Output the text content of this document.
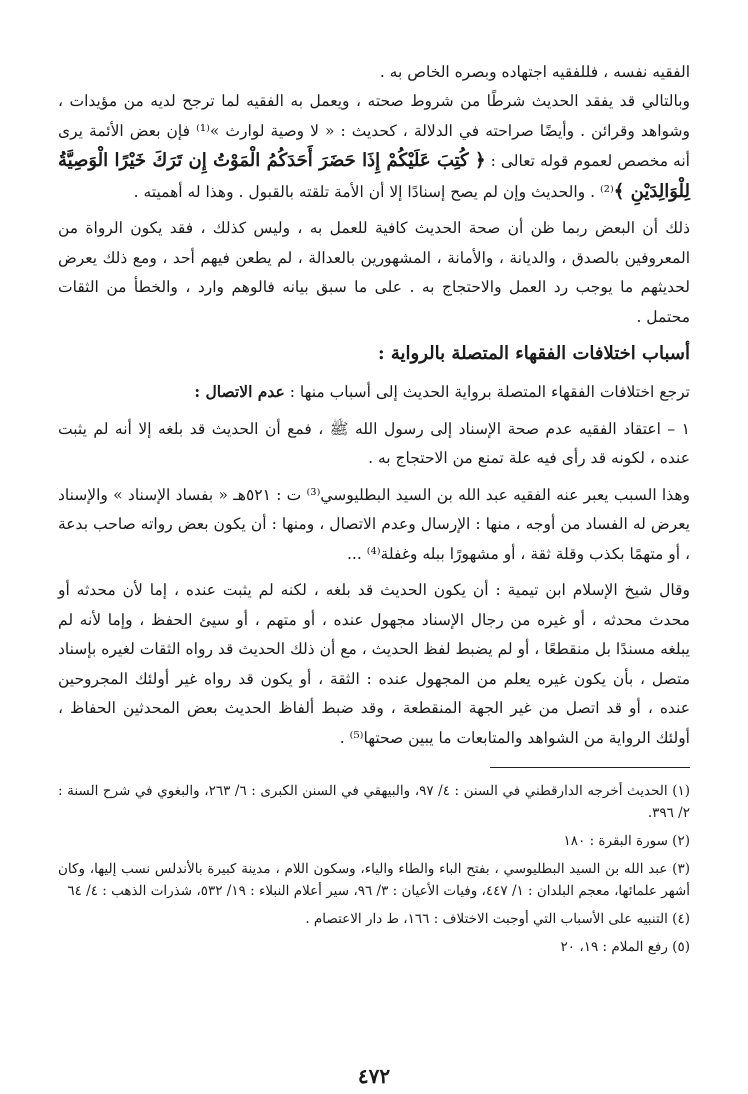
الفقيه نفسه ، فللفقيه اجتهاده وبصره الخاص به .

وبالتالي قد يفقد الحديث شرطًا من شروط صحته ، ويعمل به الفقيه لما ترجح لديه من مؤيدات ، وشواهد وقرائن . وأيضًا صراحته في الدلالة ، كحديث : « لا وصية لوارث »⁽¹⁾ فإن بعض الأئمة يرى أنه مخصص لعموم قوله تعالى : ﴿ كُتِبَ عَلَيْكُمْ إِذَا حَضَرَ أَحَدَكُمُ الْمَوْتُ إِن تَرَكَ خَيْرًا الْوَصِيَّةُ لِلْوَالِدَيْنِ ﴾⁽²⁾ . والحديث وإن لم يصح إسنادًا إلا أن الأمة تلقته بالقبول . وهذا له أهميته .

ذلك أن البعض ربما ظن أن صحة الحديث كافية للعمل به ، وليس كذلك ، فقد يكون الرواة من المعروفين بالصدق ، والديانة ، والأمانة ، المشهورين بالعدالة ، لم يطعن فيهم أحد ، ومع ذلك يعرض لحديثهم ما يوجب رد العمل والاحتجاج به . على ما سبق بيانه فالوهم وارد ، والخطأ من الثقات محتمل .

أسباب اختلافات الفقهاء المتصلة بالرواية :

ترجع اختلافات الفقهاء المتصلة برواية الحديث إلى أسباب منها : عدم الاتصال :

١ – اعتقاد الفقيه عدم صحة الإسناد إلى رسول الله ﷺ ، فمع أن الحديث قد بلغه إلا أنه لم يثبت عنده ، لكونه قد رأى فيه علة تمنع من الاحتجاج به .

وهذا السبب يعبر عنه الفقيه عبد الله بن السيد البطليوسي⁽³⁾ ت : ٥٢١هـ « بفساد الإسناد » والإسناد يعرض له الفساد من أوجه ، منها : الإرسال وعدم الاتصال ، ومنها : أن يكون بعض رواته صاحب بدعة ، أو متهمًا بكذب وقلة ثقة ، أو مشهورًا ببله وغفلة⁽⁴⁾ ...

وقال شيخ الإسلام ابن تيمية : أن يكون الحديث قد بلغه ، لكنه لم يثبت عنده ، إما لأن محدثه أو محدث محدثه ، أو غيره من رجال الإسناد مجهول عنده ، أو متهم ، أو سيئ الحفظ ، وإما لأنه لم يبلغه مسندًا بل منقطعًا ، أو لم يضبط لفظ الحديث ، مع أن ذلك الحديث قد رواه الثقات لغيره بإسناد متصل ، بأن يكون غيره يعلم من المجهول عنده : الثقة ، أو يكون قد رواه غير أولئك المجروحين عنده ، أو قد اتصل من غير الجهة المنقطعة ، وقد ضبط ألفاظ الحديث بعض المحدثين الحفاظ ، أولئك الرواية من الشواهد والمتابعات ما يبين صحتها⁽⁵⁾ .

(١) الحديث أخرجه الدارقطني في السنن : ٤/ ٩٧، والبيهقي في السنن الكبرى : ٦/ ٢٦٣، والبغوي في شرح السنة : ٢/ ٣٩٦.
(٢) سورة البقرة : ١٨٠
(٣) عبد الله بن السيد البطليوسي ، بفتح الباء والطاء والياء، وسكون اللام ، مدينة كبيرة بالأندلس نسب إليها، وكان أشهر علمائها، معجم البلدان : ١/ ٤٤٧، وفيات الأعيان : ٣/ ٩٦، سير أعلام النبلاء : ١٩/ ٥٣٢، شذرات الذهب : ٤/ ٦٤
(٤) التنبيه على الأسباب التي أوجبت الاختلاف : ١٦٦، ط دار الاعتصام .
(٥) رفع الملام : ١٩، ٢٠
٤٧٢
